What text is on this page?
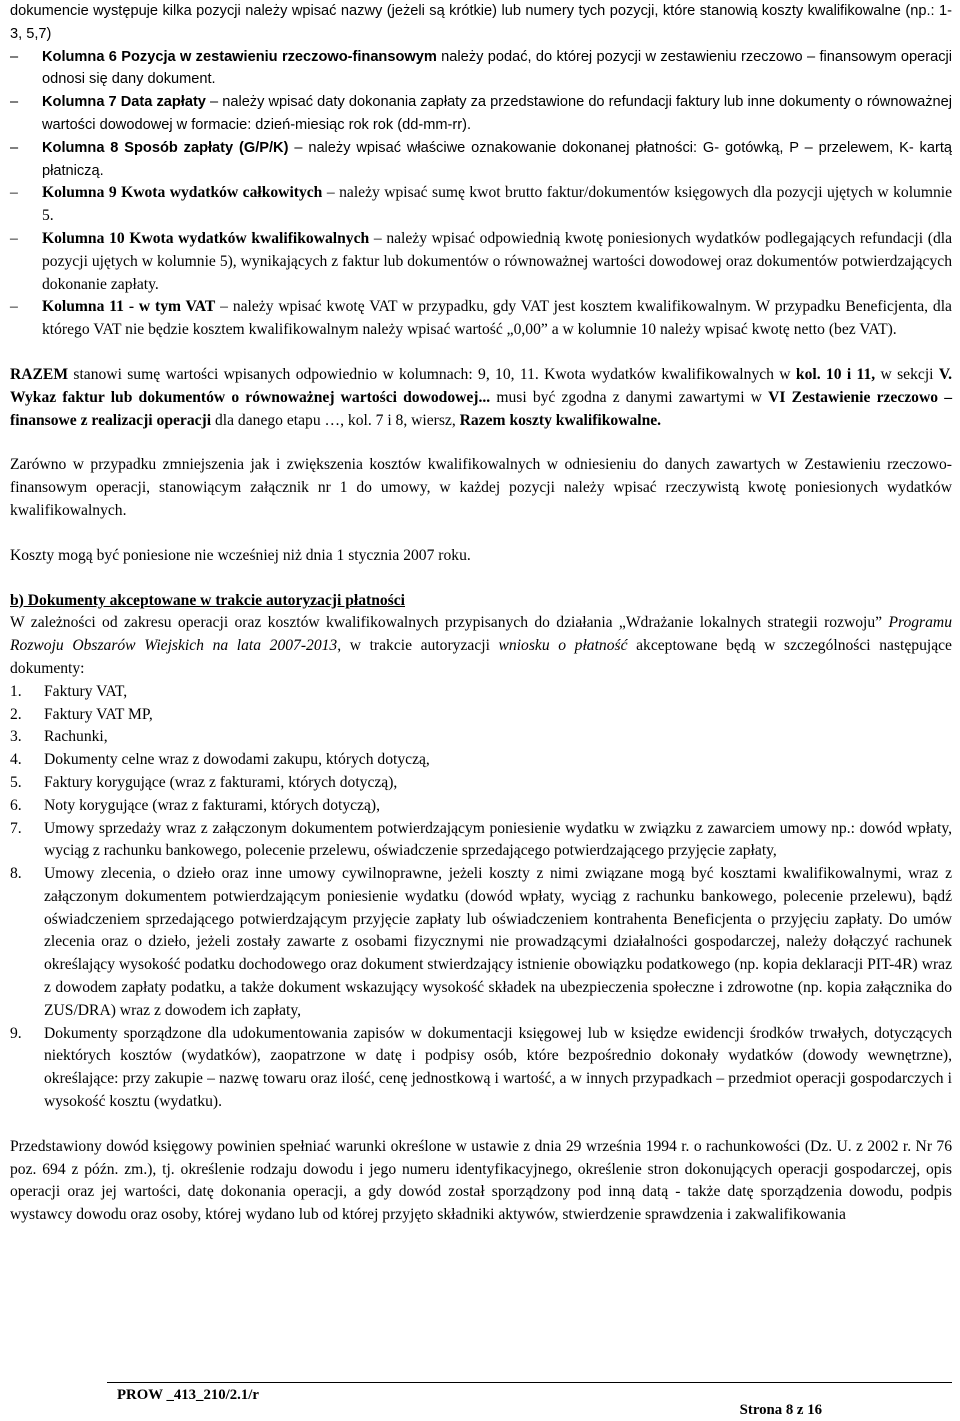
dokumencie występuje kilka pozycji należy wpisać nazwy (jeżeli są krótkie) lub numery tych pozycji, które stanowią koszty kwalifikowalne (np.: 1-3, 5,7)
–	Kolumna 6 Pozycja w zestawieniu rzeczowo-finansowym należy podać, do której pozycji w zestawieniu rzeczowo – finansowym operacji odnosi się dany dokument.
–	Kolumna 7 Data zapłaty – należy wpisać daty dokonania zapłaty za przedstawione do refundacji faktury lub inne dokumenty o równoważnej wartości dowodowej w formacie: dzień-miesiąc rok rok (dd-mm-rr).
–	Kolumna 8 Sposób zapłaty (G/P/K) – należy wpisać właściwe oznakowanie dokonanej płatności: G- gotówką, P – przelewem, K- kartą płatniczą.
–	Kolumna 9 Kwota wydatków całkowitych – należy wpisać sumę kwot brutto faktur/dokumentów księgowych dla pozycji ujętych w kolumnie 5.
–	Kolumna 10 Kwota wydatków kwalifikowalnych – należy wpisać odpowiednią kwotę poniesionych wydatków podlegających refundacji (dla pozycji ujętych w kolumnie 5), wynikających z faktur lub dokumentów o równoważnej wartości dowodowej oraz dokumentów potwierdzających dokonanie zapłaty.
–	Kolumna 11 - w tym VAT – należy wpisać kwotę VAT w przypadku, gdy VAT jest kosztem kwalifikowalnym. W przypadku Beneficjenta, dla którego VAT nie będzie kosztem kwalifikowalnym należy wpisać wartość „0,00” a w kolumnie 10 należy wpisać kwotę netto (bez VAT).
RAZEM stanowi sumę wartości wpisanych odpowiednio w kolumnach: 9, 10, 11. Kwota wydatków kwalifikowalnych w kol. 10 i 11, w sekcji V. Wykaz faktur lub dokumentów o równoważnej wartości dowodowej... musi być zgodna z danymi zawartymi w VI Zestawienie rzeczowo – finansowe z realizacji operacji dla danego etapu …, kol. 7 i 8, wiersz, Razem koszty kwalifikowalne.
Zarówno w przypadku zmniejszenia jak i zwiększenia kosztów kwalifikowalnych w odniesieniu do danych zawartych w Zestawieniu rzeczowo-finansowym operacji, stanowiącym załącznik nr 1 do umowy, w każdej pozycji należy wpisać rzeczywistą kwotę poniesionych wydatków kwalifikowalnych.
Koszty mogą być poniesione nie wcześniej niż dnia 1 stycznia 2007 roku.
b) Dokumenty akceptowane w trakcie autoryzacji płatności
W zależności od zakresu operacji oraz kosztów kwalifikowalnych przypisanych do działania „Wdrażanie lokalnych strategii rozwoju” Programu Rozwoju Obszarów Wiejskich na lata 2007-2013, w trakcie autoryzacji wniosku o płatność akceptowane będą w szczególności następujące dokumenty:
1. Faktury VAT,
2. Faktury VAT MP,
3. Rachunki,
4. Dokumenty celne wraz z dowodami zakupu, których dotyczą,
5. Faktury korygujące (wraz z fakturami, których dotyczą),
6. Noty korygujące (wraz z fakturami, których dotyczą),
7. Umowy sprzedaży wraz z załączonym dokumentem potwierdzającym poniesienie wydatku w związku z zawarciem umowy np.: dowód wpłaty, wyciąg z rachunku bankowego, polecenie przelewu, oświadczenie sprzedającego potwierdzającego przyjęcie zapłaty,
8. Umowy zlecenia, o dzieło oraz inne umowy cywilnoprawne, jeżeli koszty z nimi związane mogą być kosztami kwalifikowalnymi, wraz z załączonym dokumentem potwierdzającym poniesienie wydatku (dowód wpłaty, wyciąg z rachunku bankowego, polecenie przelewu), bądź oświadczeniem sprzedającego potwierdzającym przyjęcie zapłaty lub oświadczeniem kontrahenta Beneficjenta o przyjęciu zapłaty. Do umów zlecenia oraz o dzieło, jeżeli zostały zawarte z osobami fizycznymi nie prowadzącymi działalności gospodarczej, należy dołączyć rachunek określający wysokość podatku dochodowego oraz dokument stwierdzający istnienie obowiązku podatkowego (np. kopia deklaracji PIT-4R) wraz z dowodem zapłaty podatku, a także dokument wskazujący wysokość składek na ubezpieczenia społeczne i zdrowotne (np. kopia załącznika do ZUS/DRA) wraz z dowodem ich zapłaty,
9. Dokumenty sporządzone dla udokumentowania zapisów w dokumentacji księgowej lub w księdze ewidencji środków trwałych, dotyczących niektórych kosztów (wydatków), zaopatrzone w datę i podpisy osób, które bezpośrednio dokonały wydatków (dowody wewnętrzne), określające: przy zakupie – nazwę towaru oraz ilość, cenę jednostkową i wartość, a w innych przypadkach – przedmiot operacji gospodarczych i wysokość kosztu (wydatku).
Przedstawiony dowód księgowy powinien spełniać warunki określone w ustawie z dnia 29 września 1994 r. o rachunkowości (Dz. U. z 2002 r. Nr 76 poz. 694 z późn. zm.), tj. określenie rodzaju dowodu i jego numeru identyfikacyjnego, określenie stron dokonujących operacji gospodarczej, opis operacji oraz jej wartości, datę dokonania operacji, a gdy dowód został sporządzony pod inną datą - także datę sporządzenia dowodu, podpis wystawcy dowodu oraz osoby, której wydano lub od której przyjęto składniki aktywów, stwierdzenie sprawdzenia i zakwalifikowania
PROW _413_210/2.1/r
Strona 8 z 16
